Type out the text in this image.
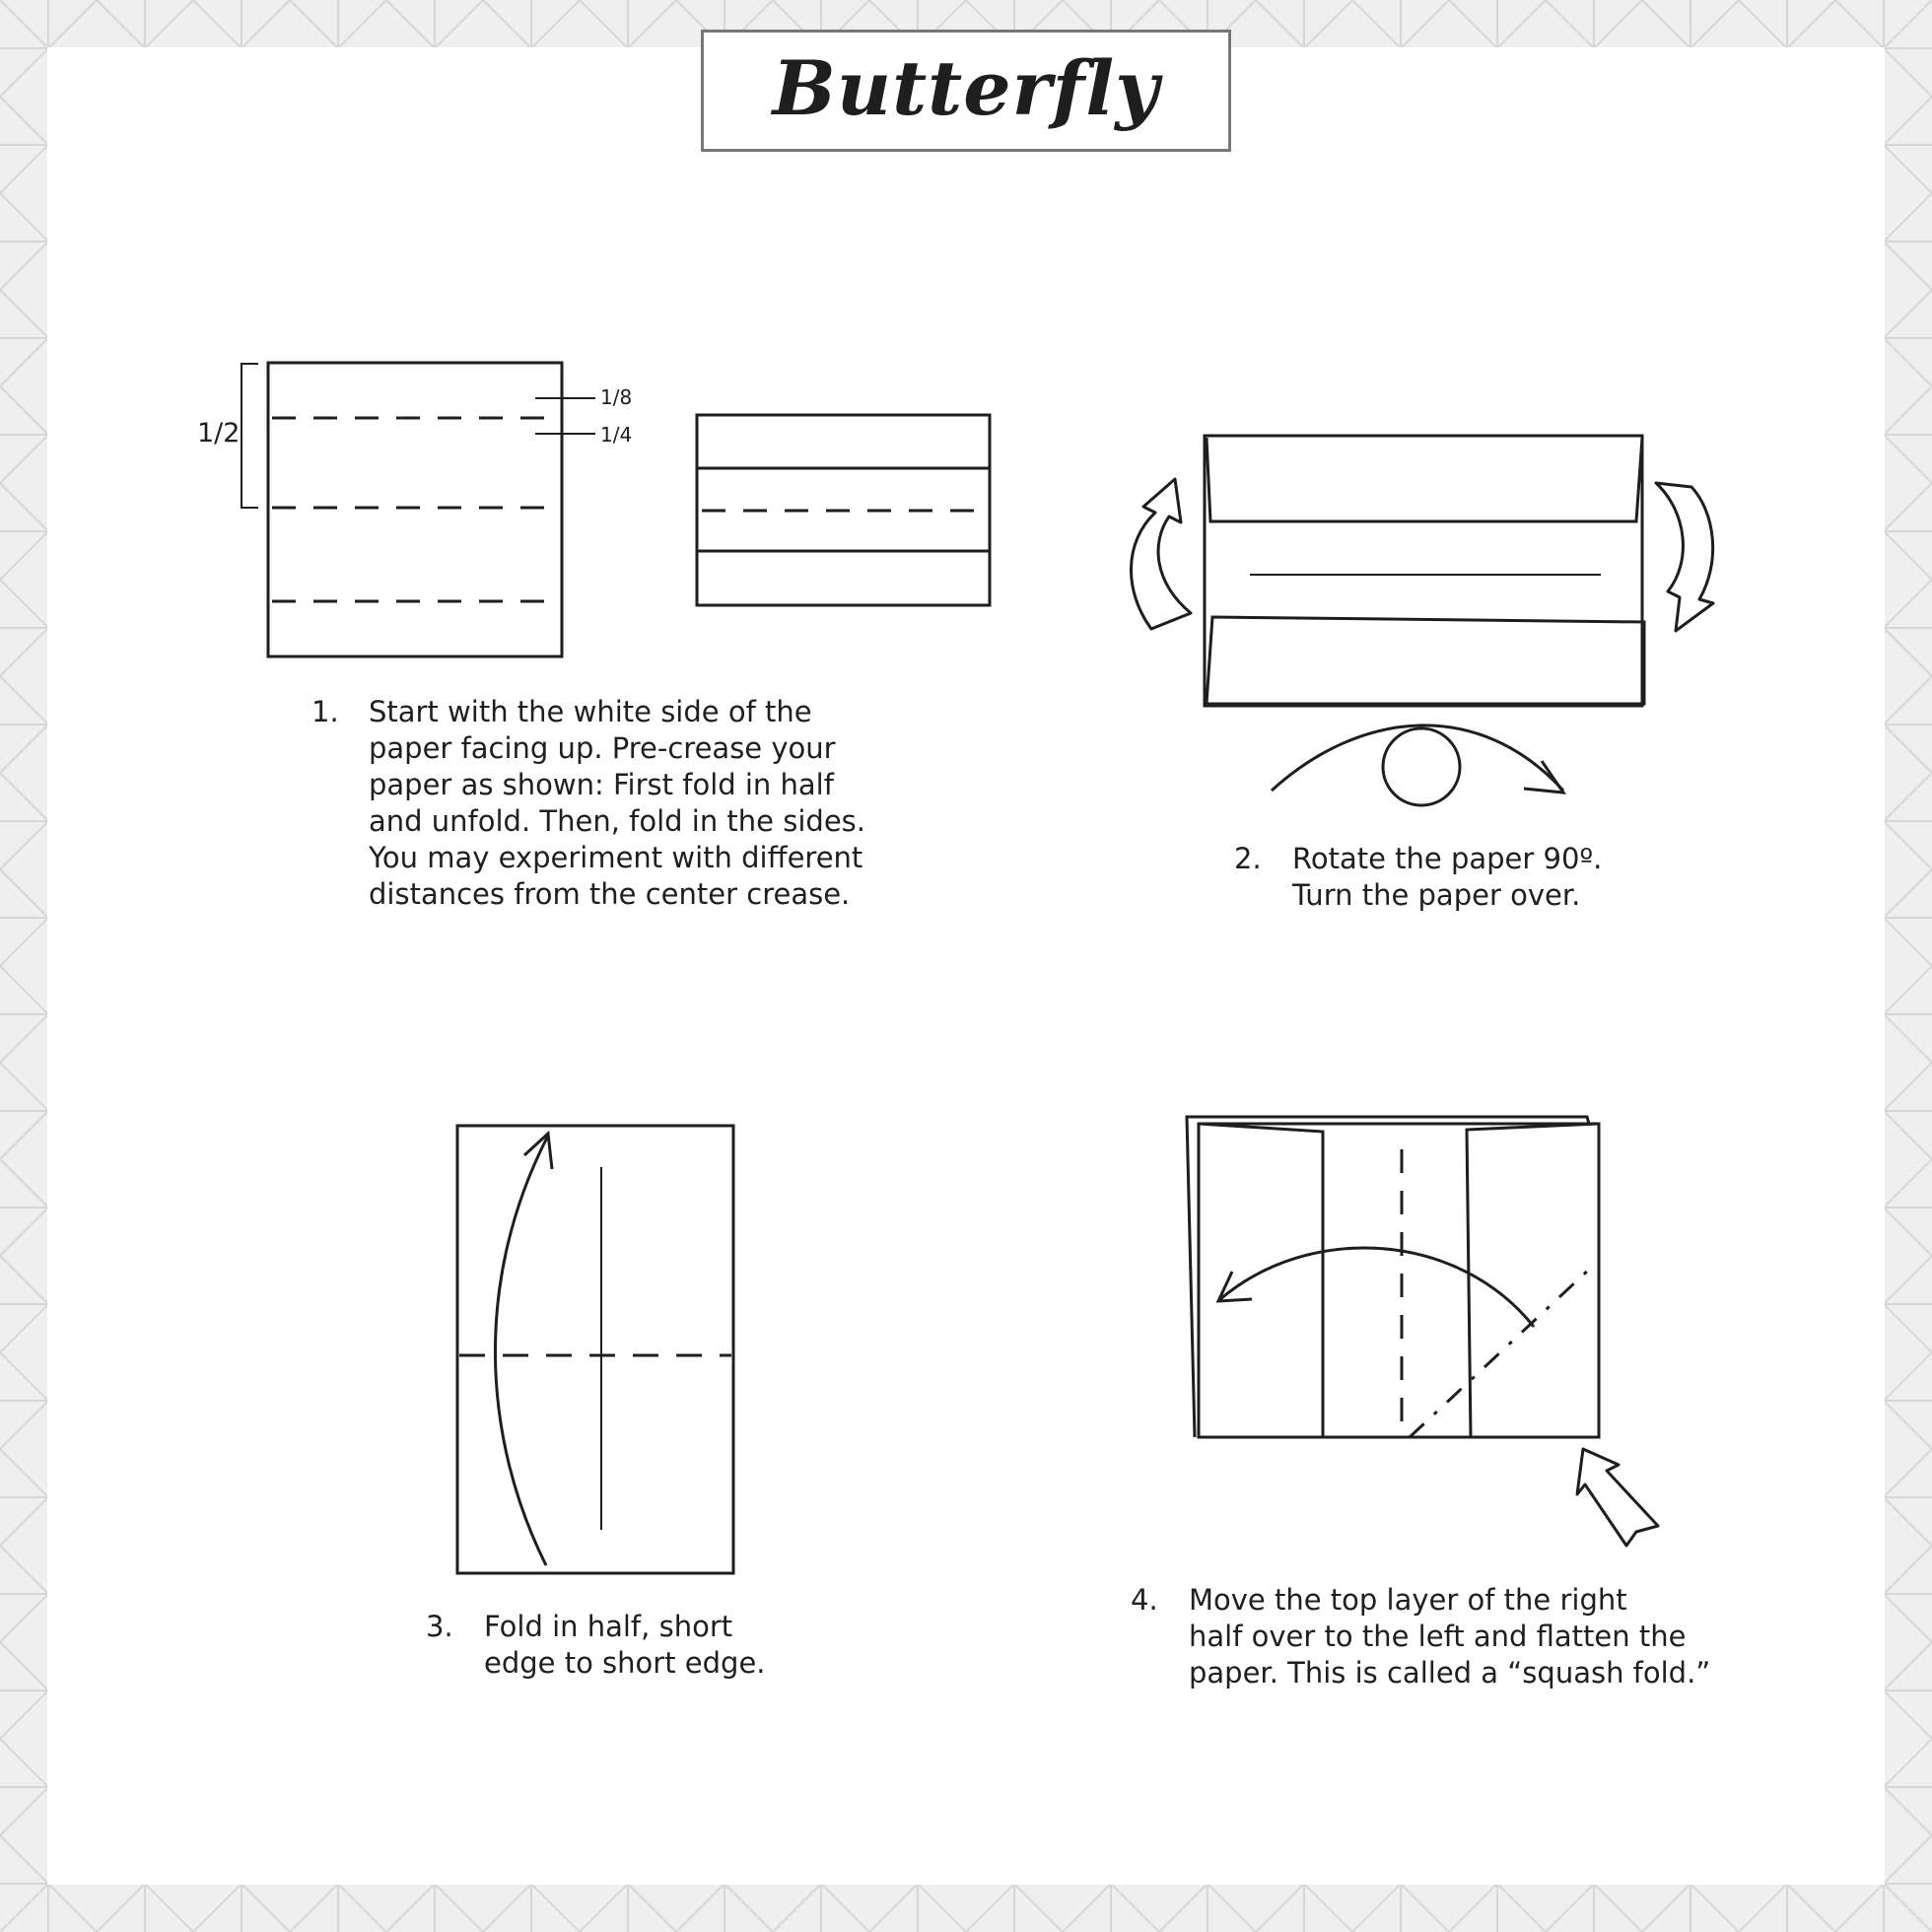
Butterfly
1/2
1/8
1/4
1. Start with the white side of the
paper facing up. Pre-crease your
paper as shown: First fold in half
and unfold. Then, fold in the sides.
You may experiment with different
distances from the center crease.
2. Rotate the paper 90º.
Turn the paper over.
3. Fold in half, short
edge to short edge.
4. Move the top layer of the right
half over to the left and flatten the
paper. This is called a “squash fold.”
